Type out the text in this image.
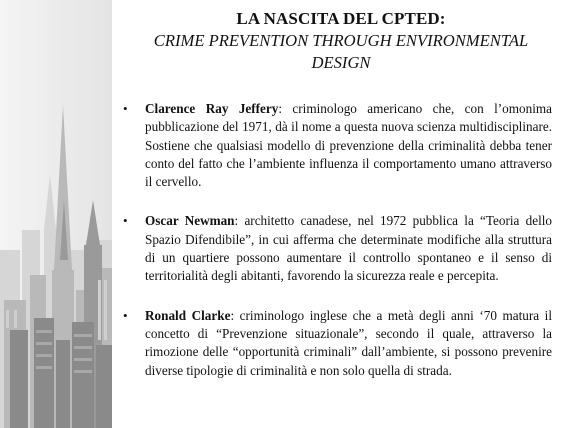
LA NASCITA DEL CPTED:
CRIME PREVENTION THROUGH ENVIRONMENTAL
DESIGN
• Clarence Ray Jeffery: criminologo americano che, con l’omonima pubblicazione del 1971, dà il nome a questa nuova scienza multidisciplinare. Sostiene che qualsiasi modello di prevenzione della criminalità debba tener conto del fatto che l’ambiente influenza il comportamento umano attraverso il cervello.
• Oscar Newman: architetto canadese, nel 1972 pubblica la “Teoria dello Spazio Difendibile”, in cui afferma che determinate modifiche alla struttura di un quartiere possono aumentare il controllo spontaneo e il senso di territorialità degli abitanti, favorendo la sicurezza reale e percepita.
• Ronald Clarke: criminologo inglese che a metà degli anni ‘70 matura il concetto di “Prevenzione situazionale”, secondo il quale, attraverso la rimozione delle “opportunità criminali” dall’ambiente, si possono prevenire diverse tipologie di criminalità e non solo quella di strada.
